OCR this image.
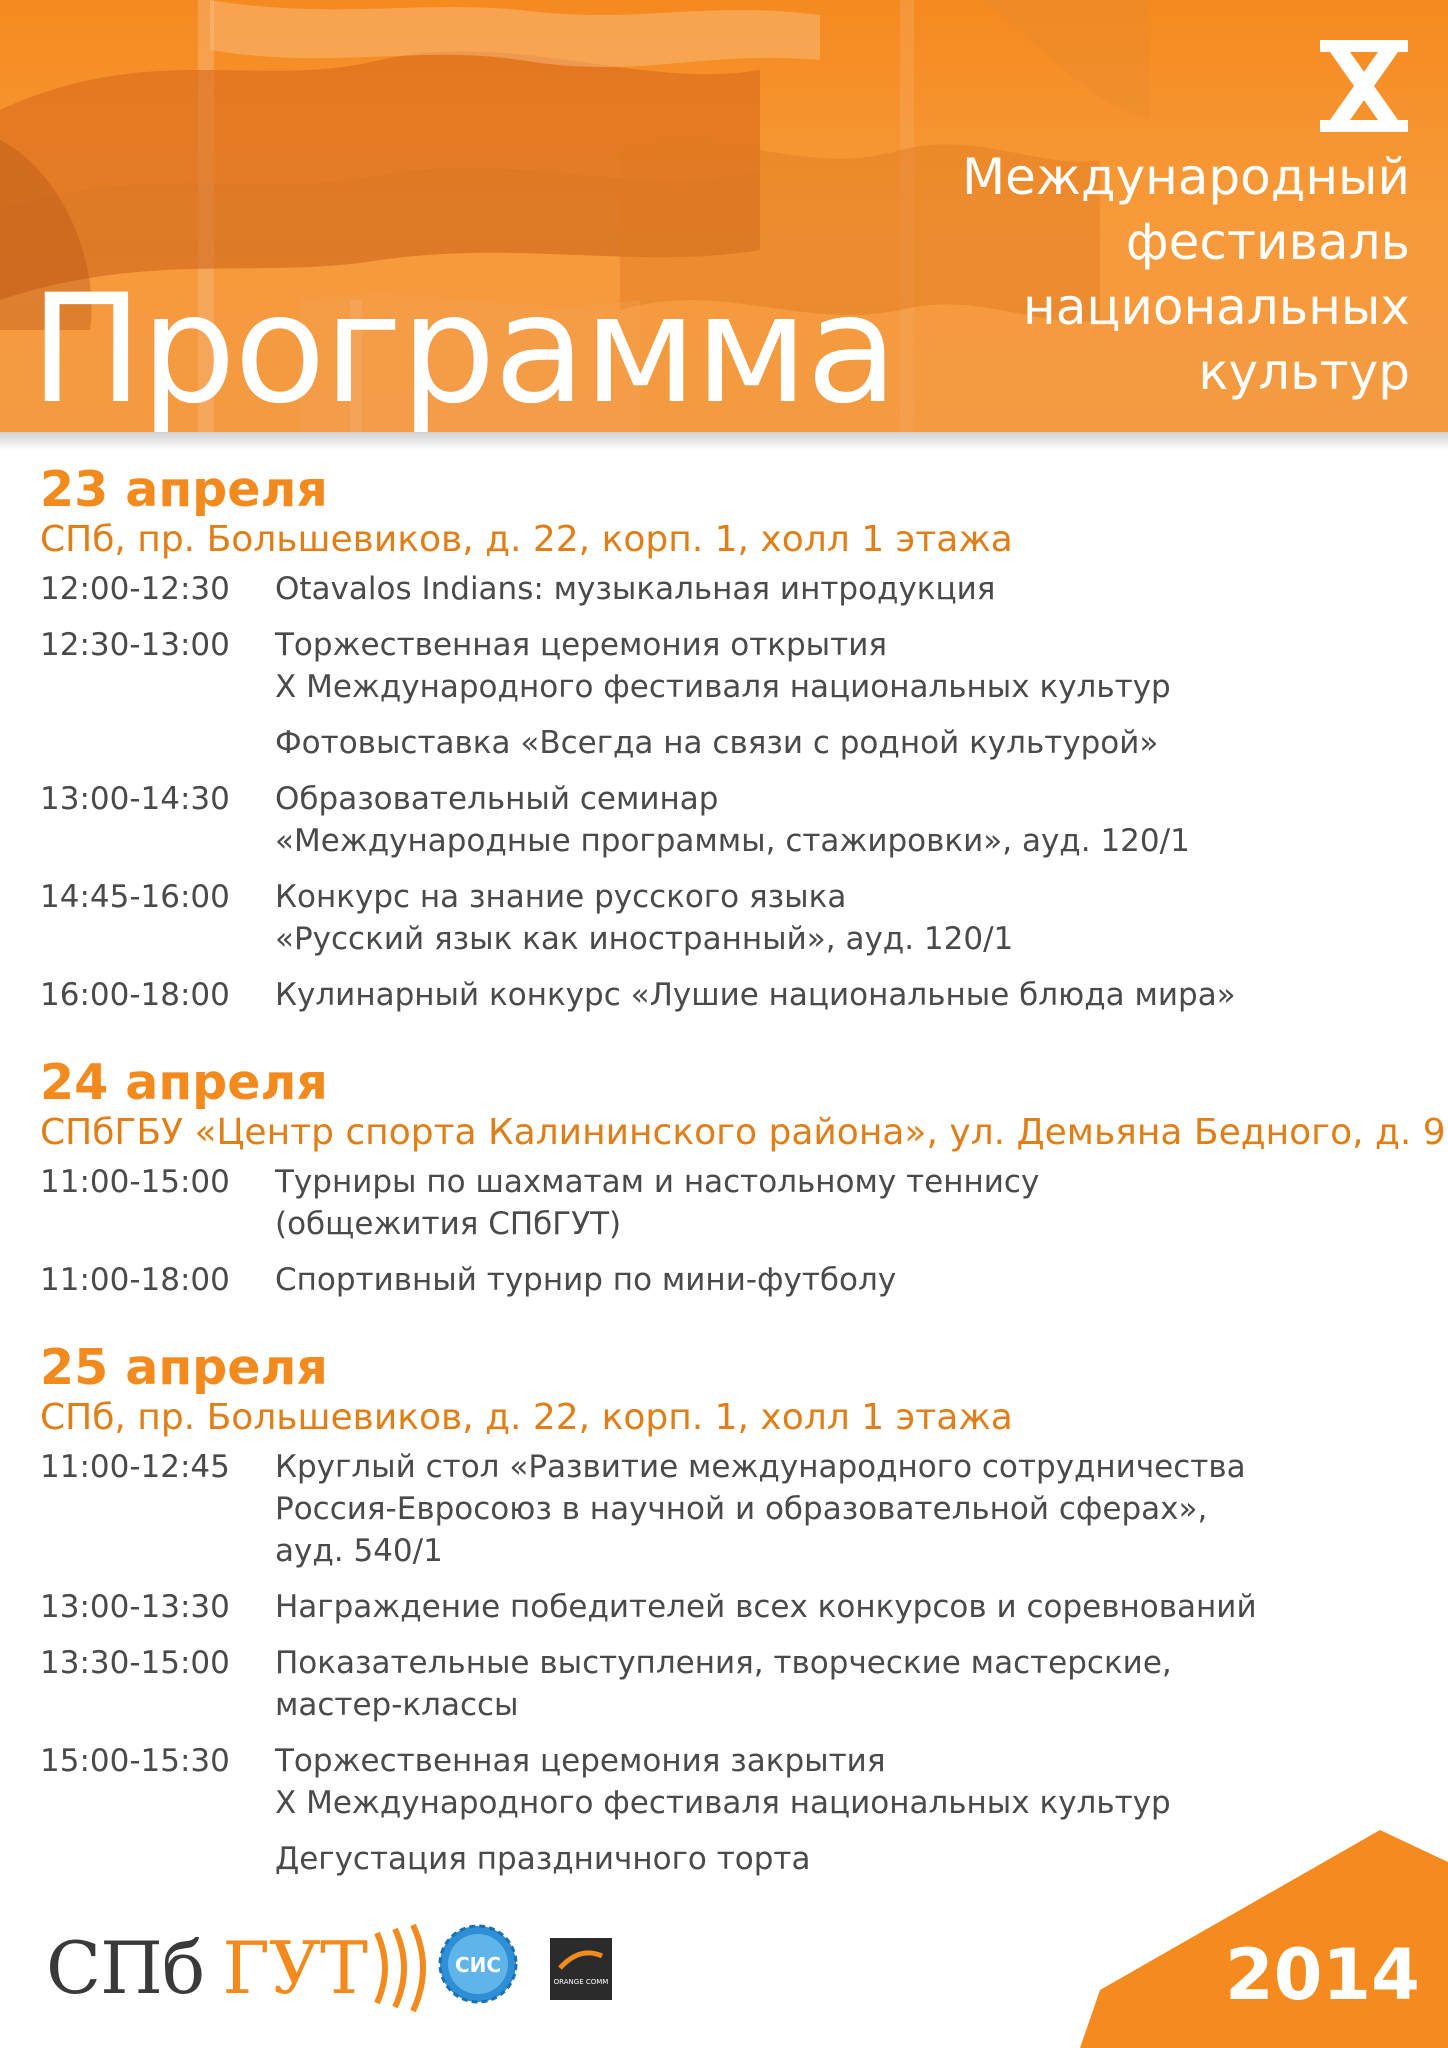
Международный
фестиваль
национальных
культур
Программа
23 апреля
СПб, пр. Большевиков, д. 22, корп. 1, холл 1 этажа
12:00-12:30	Otavalos Indians: музыкальная интродукция
12:30-13:00	Торжественная церемония открытия
X Международного фестиваля национальных культур
Фотовыставка «Всегда на связи с родной культурой»
13:00-14:30	Образовательный семинар
«Международные программы, стажировки», ауд. 120/1
14:45-16:00	Конкурс на знание русского языка
«Русский язык как иностранный», ауд. 120/1
16:00-18:00	Кулинарный конкурс «Лушие национальные блюда мира»
24 апреля
СПбГБУ «Центр спорта Калининского района», ул. Демьяна Бедного, д. 9
11:00-15:00	Турниры по шахматам и настольному теннису
(общежития СПбГУТ)
11:00-18:00	Спортивный турнир по мини-футболу
25 апреля
СПб, пр. Большевиков, д. 22, корп. 1, холл 1 этажа
11:00-12:45	Круглый стол «Развитие международного сотрудничества
Россия-Евросоюз в научной и образовательной сферах»,
ауд. 540/1
13:00-13:30	Награждение победителей всех конкурсов и соревнований
13:30-15:00	Показательные выступления, творческие мастерские,
мастер-классы
15:00-15:30	Торжественная церемония закрытия
X Международного фестиваля национальных культур
Дегустация праздничного торта
2014
СПб ГУТ	СИС
ORANGE COMM
